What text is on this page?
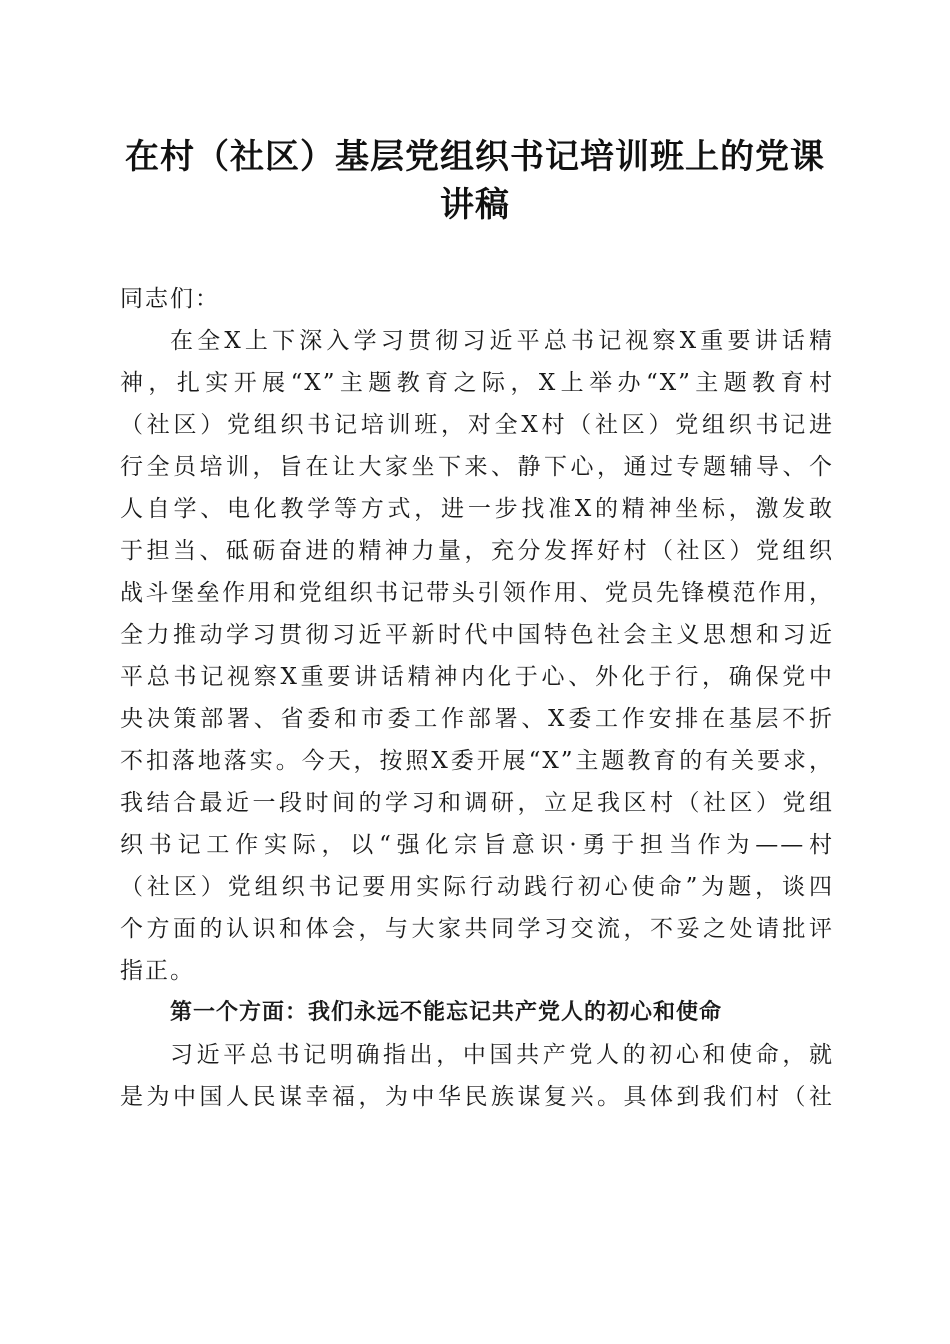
在村（社区）基层党组织书记培训班上的党课
讲稿
同志们：
在全X上下深入学习贯彻习近平总书记视察X重要讲话精
神，扎实开展“X”主题教育之际，X上举办“X”主题教育村
（社区）党组织书记培训班，对全X村（社区）党组织书记进
行全员培训，旨在让大家坐下来、静下心，通过专题辅导、个
人自学、电化教学等方式，进一步找准X的精神坐标，激发敢
于担当、砥砺奋进的精神力量，充分发挥好村（社区）党组织
战斗堡垒作用和党组织书记带头引领作用、党员先锋模范作用，
全力推动学习贯彻习近平新时代中国特色社会主义思想和习近
平总书记视察X重要讲话精神内化于心、外化于行，确保党中
央决策部署、省委和市委工作部署、X委工作安排在基层不折
不扣落地落实。今天，按照X委开展“X”主题教育的有关要求，
我结合最近一段时间的学习和调研，立足我区村（社区）党组
织书记工作实际，以“强化宗旨意识·勇于担当作为——村
（社区）党组织书记要用实际行动践行初心使命”为题，谈四
个方面的认识和体会，与大家共同学习交流，不妥之处请批评
指正。
第一个方面：我们永远不能忘记共产党人的初心和使命
习近平总书记明确指出，中国共产党人的初心和使命，就
是为中国人民谋幸福，为中华民族谋复兴。具体到我们村（社
